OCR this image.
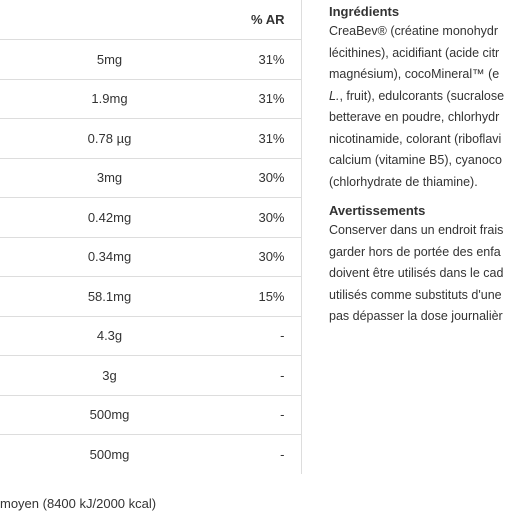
		% AR
	5mg	31%
	1.9mg	31%
	0.78 µg	31%
	3mg	30%
	0.42mg	30%
	0.34mg	30%
	58.1mg	15%
	4.3g	-
	3g	-
	500mg	-
	500mg	-
moyen (8400 kJ/2000 kcal)
Ingrédients
CreaBev® (créatine monohydr
lécithines), acidifiant (acide citr
magnésium), cocoMineral™ (e
L., fruit), edulcorants (sucralose
betterave en poudre, chlorhydr
nicotinamide, colorant (riboflavi
calcium (vitamine B5), cyanoco
(chlorhydrate de thiamine).
Avertissements
Conserver dans un endroit frais
garder hors de portée des enfa
doivent être utilisés dans le cad
utilisés comme substituts d'une
pas dépasser la dose journalièr
